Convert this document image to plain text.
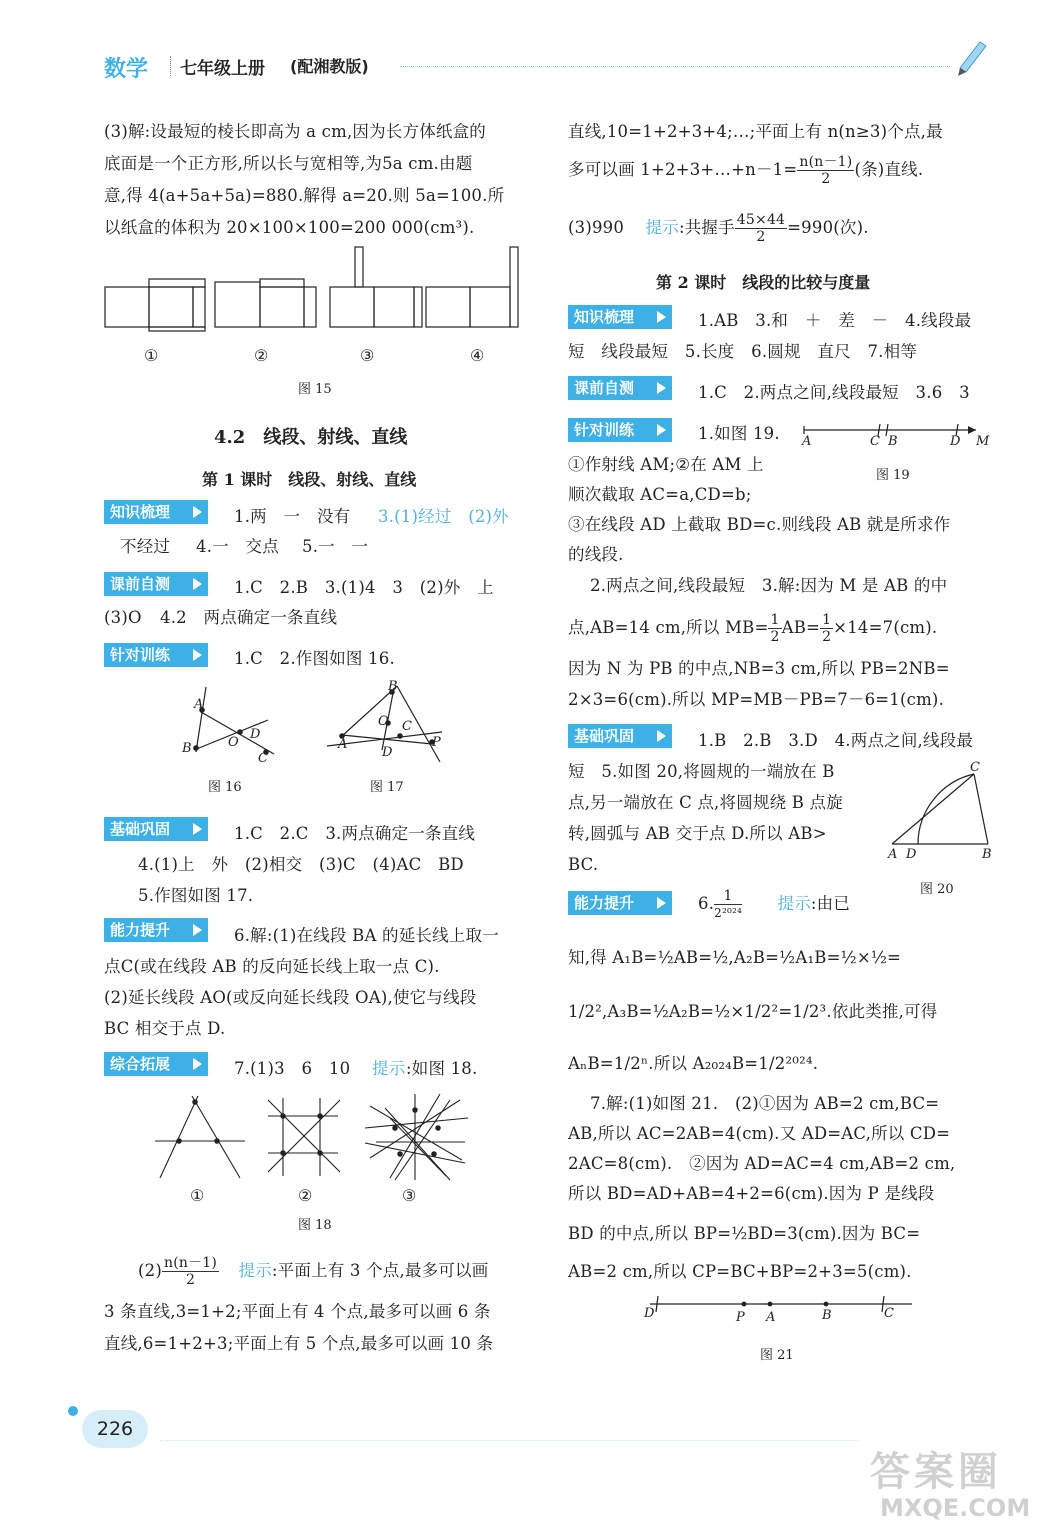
数学 七年级上册 (配湘教版)
(3)解:设最短的棱长即高为 a cm,因为长方体纸盒的
底面是一个正方形,所以长与宽相等,为5a cm.由题
意,得 4(a+5a+5a)=880.解得 a=20.则 5a=100.所
以纸盒的体积为 20×100×100=200 000(cm³).
①	②	③	④
图 15
4.2　线段、射线、直线
第 1 课时　线段、射线、直线
知识梳理	1.两　一　没有 3.(1)经过　(2)外
不经过 4.一　交点 5.一　一
课前自测	1.C　2.B　3.(1)4　3　(2)外　上
(3)O 4.2　两点确定一条直线
针对训练	1.C　2.作图如图 16.
A
B	O
D
C
A
B
O C
D
P
图 16	图 17
基础巩固	1.C　2.C　3.两点确定一条直线
4.(1)上　外　(2)相交　(3)C　(4)AC　BD
5.作图如图 17.
能力提升	6.解:(1)在线段 BA 的延长线上取一
点C(或在线段 AB 的反向延长线上取一点 C).
(2)延长线段 AO(或反向延长线段 OA),使它与线段
BC 相交于点 D.
综合拓展	7.(1)3　6　10 提示 :如图 18.
①	②	③
图 18
$(2) \frac{n(n-1)}{2}$ 提示:平面上有 3 个点,最多可以画
3 条直线,3=1+2;平面上有 4 个点,最多可以画 6 条
直线,6=1+2+3;平面上有 5 个点,最多可以画 10 条
直线,10=1+2+3+4;…;平面上有 n(n≥3)个点,最
多可以画 1+2+3+…+n－1= $\frac{n(n-1)}{2}$ (条)直线.
(3)990 提示:共握手 $\frac{45\times 44}{2} =990$(次).
第 2 课时　线段的比较与度量
知识梳理	1.AB　3.和　＋　差　－　4.线段最
短　线段最短　5.长度　6.圆规　直尺　7.相等
课前自测	1.C　2.两点之间,线段最短　3.6　3
针对训练	1.如图 19. A	C B	D M
图 19
①作射线 AM;②在 AM 上
顺次截取 AC=a,CD=b;
③在线段 AD 上截取 BD=c.则线段 AB 就是所求作
的线段.
2.两点之间,线段最短　3.解:因为 M 是 AB 的中
点,AB=14 cm,所以 $MB= \frac{1}{2} AB= \frac{1}{2} \times 14=7(cm)$.
因为 N 为 PB 的中点,NB=3 cm,所以 PB=2NB=
2×3=6(cm).所以 MP=MB－PB=7－6=1(cm).
基础巩固	1.B　2.B　3.D　4.两点之间,线段最
短　5.如图 20,将圆规的一端放在 B
点,另一端放在 C 点,将圆规绕 B 点旋
转,圆弧与 AB 交于点 D.所以 AB>
BC.
C
A D	B
图 20
能力提升	6. $\frac{1}{\text{2²⁰²⁴}}$ 提示:由已
知,得 A₁B=½AB=½,A₂B=½A₁B=½×½=
1/2²,A₃B=½A₂B=½×1/2²=1/2³.依此类推,可得
AₙB=1/2ⁿ.所以 A₂₀₂₄B=1/2²⁰²⁴.
7.解:(1)如图 21.　(2)①因为 AB=2 cm,BC=
AB,所以 AC=2AB=4(cm).又 AD=AC,所以 CD=
2AC=8(cm).　②因为 AD=AC=4 cm,AB=2 cm,
所以 BD=AD+AB=4+2=6(cm).因为 P 是线段
BD 的中点,所以 BP=½BD=3(cm).因为 BC=
AB=2 cm,所以 CP=BC+BP=2+3=5(cm).
D	P A	B	C
图 21
226
答案圈
MXQE.COM
